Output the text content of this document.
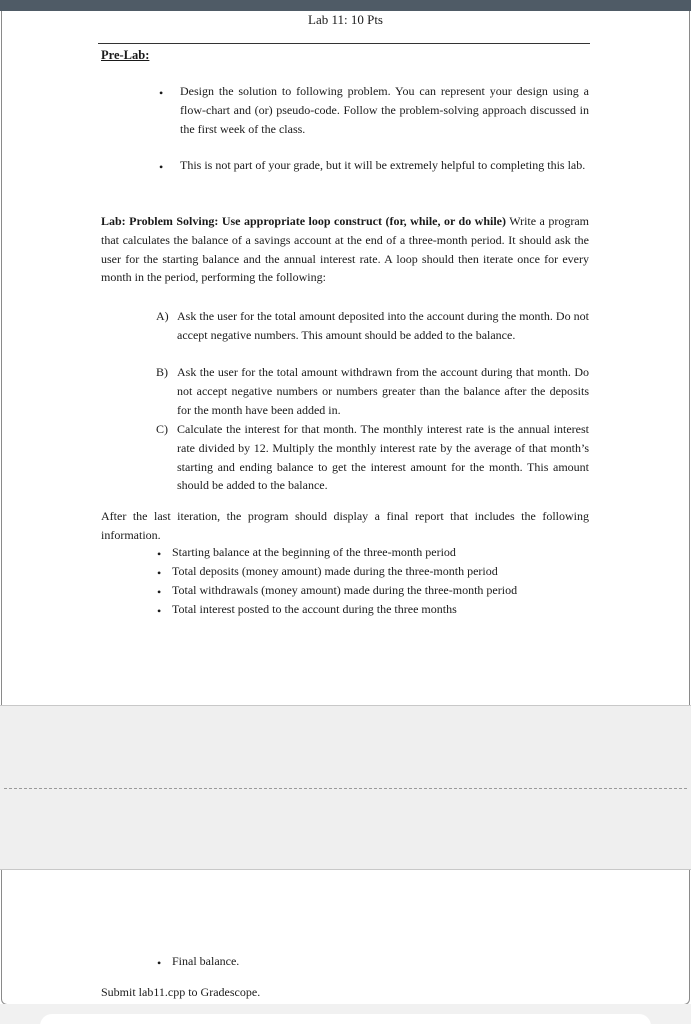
Lab 11: 10 Pts
Pre-Lab:
• Design the solution to following problem. You can represent your design using a flow-chart and (or) pseudo-code. Follow the problem-solving approach discussed in the first week of the class.
• This is not part of your grade, but it will be extremely helpful to completing this lab.
Lab: Problem Solving: Use appropriate loop construct (for, while, or do while) Write a program that calculates the balance of a savings account at the end of a three-month period. It should ask the user for the starting balance and the annual interest rate. A loop should then iterate once for every month in the period, performing the following:
A) Ask the user for the total amount deposited into the account during the month. Do not accept negative numbers. This amount should be added to the balance.
B) Ask the user for the total amount withdrawn from the account during that month. Do not accept negative numbers or numbers greater than the balance after the deposits for the month have been added in.
C) Calculate the interest for that month. The monthly interest rate is the annual interest rate divided by 12. Multiply the monthly interest rate by the average of that month’s starting and ending balance to get the interest amount for the month. This amount should be added to the balance.
After the last iteration, the program should display a final report that includes the following information.
• Starting balance at the beginning of the three-month period
• Total deposits (money amount) made during the three-month period
• Total withdrawals (money amount) made during the three-month period
• Total interest posted to the account during the three months
• Final balance.
Submit lab11.cpp to Gradescope.
